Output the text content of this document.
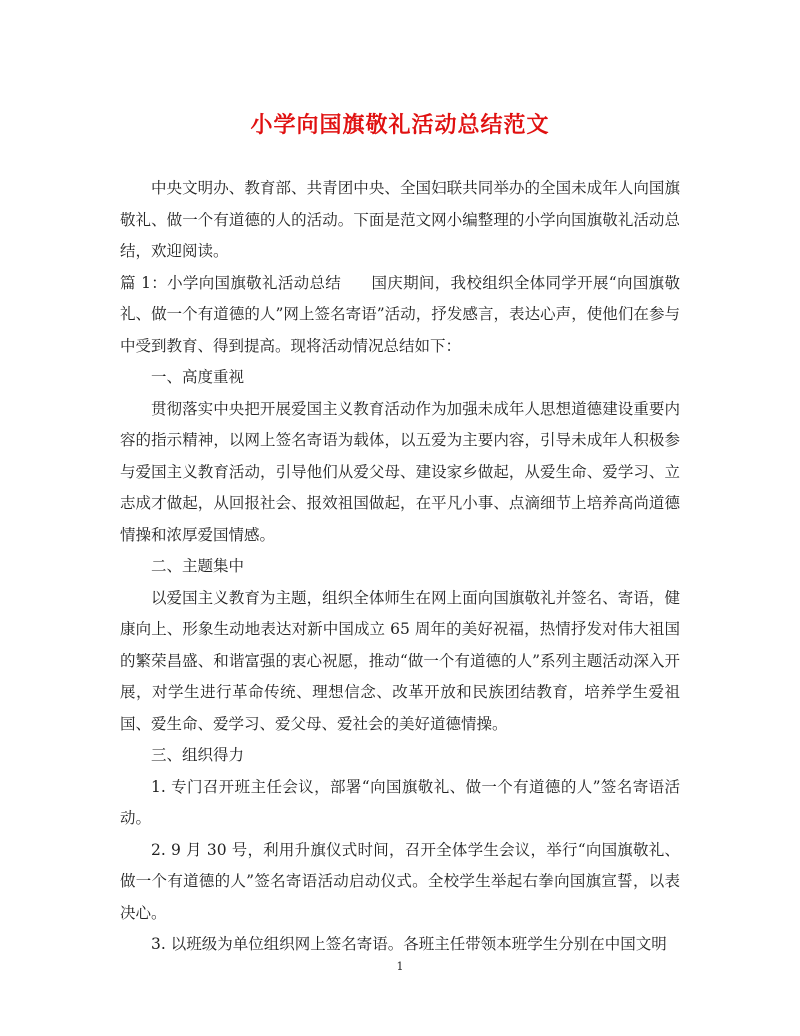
小学向国旗敬礼活动总结范文

中央文明办、教育部、共青团中央、全国妇联共同举办的全国未成年人向国旗敬礼、做一个有道德的人的活动。下面是范文网小编整理的小学向国旗敬礼活动总结，欢迎阅读。

篇 1：小学向国旗敬礼活动总结 国庆期间，我校组织全体同学开展“向国旗敬礼、做一个有道德的人”网上签名寄语”活动，抒发感言，表达心声，使他们在参与中受到教育、得到提高。现将活动情况总结如下：

一、高度重视

贯彻落实中央把开展爱国主义教育活动作为加强未成年人思想道德建设重要内容的指示精神，以网上签名寄语为载体，以五爱为主要内容，引导未成年人积极参与爱国主义教育活动，引导他们从爱父母、建设家乡做起，从爱生命、爱学习、立志成才做起，从回报社会、报效祖国做起，在平凡小事、点滴细节上培养高尚道德情操和浓厚爱国情感。

二、主题集中

以爱国主义教育为主题，组织全体师生在网上面向国旗敬礼并签名、寄语，健康向上、形象生动地表达对新中国成立 65 周年的美好祝福，热情抒发对伟大祖国的繁荣昌盛、和谐富强的衷心祝愿，推动“做一个有道德的人”系列主题活动深入开展，对学生进行革命传统、理想信念、改革开放和民族团结教育，培养学生爱祖国、爱生命、爱学习、爱父母、爱社会的美好道德情操。

三、组织得力

1. 专门召开班主任会议，部署“向国旗敬礼、做一个有道德的人”签名寄语活动。

2. 9 月 30 号，利用升旗仪式时间，召开全体学生会议，举行“向国旗敬礼、做一个有道德的人”签名寄语活动启动仪式。全校学生举起右拳向国旗宣誓，以表决心。

3. 以班级为单位组织网上签名寄语。各班主任带领本班学生分别在中国文明

1
